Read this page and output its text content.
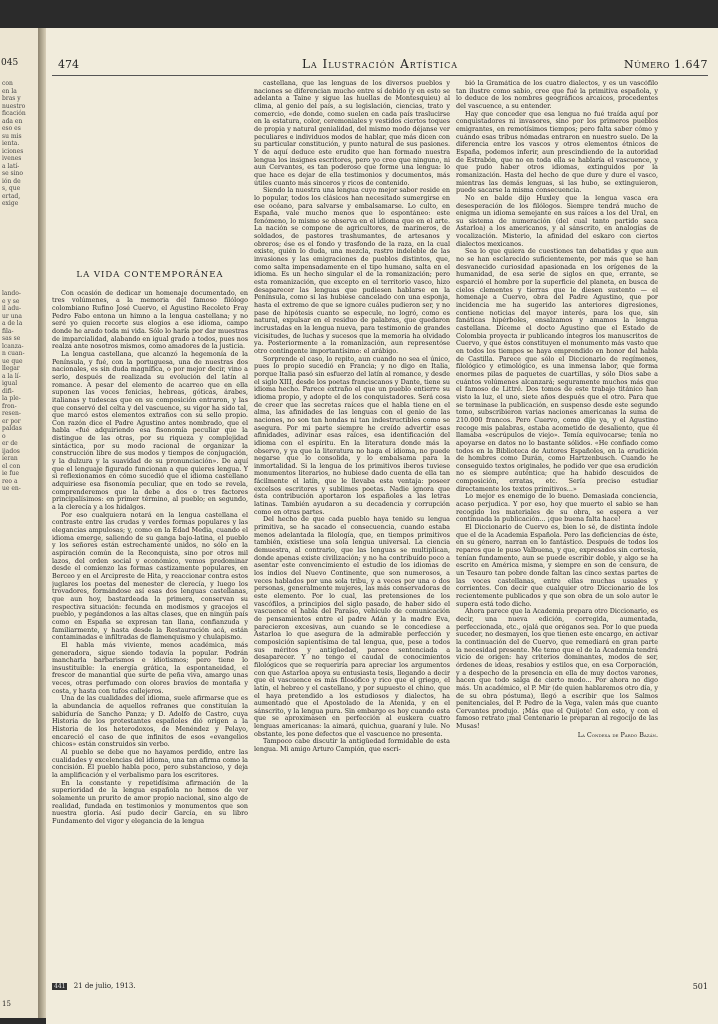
045
con
en la
bras y
nuestro
ficación
ada en
eso es
su mis
ienta.
iciones
ivenes
a latí-
se sino
ión de
s, que
ertad,
exige
lando-
e y se
il adu-
ur una
a de la
fila-
sas se
lcanza-
n cuan-
ue que
llegar
a la lí-
igual
difi-
la ple-
fron-
resen-
er por
paldas
o
er de
ijados
ieran
el con
ie fue
reo a
ue en-
15
474	La Ilustración Artística	Número 1.647
LA VIDA CONTEMPORÁNEA

Con ocasión de dedicar un homenaje documentado, en tres volúmenes, a la memoria del famoso filólogo colombiano Rufino José Cuervo, el Agustino Recoleto Fray Pedro Fabo entona un himno a la lengua castellana; y no seré yo quien recorte sus elogios a ese idioma, campo donde he arado toda mi vida. Sólo lo haría por dar muestras de imparcialidad, alabando en igual grado a todos, pues nos realza ante nosotros mismos, como amadores de la justicia.

La lengua castellana, que alcanzó la hegemonía de la Península, y fué, con la portuguesa, una de nuestras dos nacionales, es sin duda magnífica, o por mejor decir, vino a serlo, después de realizada su evolución del latín al romance. A pesar del elemento de acarreo que en ella suponen las voces fenicias, hebreas, góticas, árabes, italianas y tudescas que en su composición entraron, y las que conservó del celta y del vascuence, su vigor ha sido tal, que marcó estos elementos extraños con su sello propio. Con razón dice el Padre Agustino antes nombrado, que el habla «fué adquiriendo esa fisonomía peculiar que la distingue de las otras, por su riqueza y complejidad sintáctica, por su modo racional de organizar la construcción libre de sus modos y tiempos de conjugación, y la dulzura y la suavidad de su pronunciación». De aquí que el lenguaje figurado funcionan a que quieres lengua. Y si reflexionamos en cómo sucedió que el idioma castellano adquiriese esa fisonomía peculiar, que en todo se revela, comprenderemos que la debe a dos o tres factores principalísimos: en primer término, al pueblo; en segundo, a la clerecía y a los hidalgos.

Por eso cualquiera notará en la lengua castellana el contraste entre las crudas y verdes formas populares y las elegancias ampulosas; y, como en la Edad Media, cuando el idioma emerge, saliendo de su ganga bajo-latina, el pueblo y los señores están estrechamente unidos, no sólo en la aspiración común de la Reconquista, sino por otros mil lazos, del orden social y económico, vemos predominar desde el comienzo las formas castizamente populares, en Berceo y en el Arcipreste de Hita, y reaccionar contra estos juglares los poetas del menester de clerecía, y luego los trovadores, formándose así esas dos lenguas castellanas, que aun hoy, bastardeada la primera, conservan su respectiva situación: fecunda en modismos y gracejos el pueblo, y pegándonos a las altas clases, que en ningún país como en España se expresan tan llana, confianzuda y familiarmente, y hasta desde la Restauración acá, están contaminadas e infiltradas de flamenquismo y chulapismo.

El habla más viviente, menos académica, más generadora, sigue siendo todavía la popular. Podrán mancharla barbarismos e idiotismos; pero tiene lo insustituible: la energía grática, la espontaneidad, el frescor de manantial que surte de peña viva, amargo unas veces, otras perfumado con olores bravíos de montaña y costa, y hasta con tufos callejeros.

Una de las cualidades del idioma, suele afirmarse que es la abundancia de aquellos refranes que constituían la sabiduría de Sancho Panza; y D. Adolfo de Castro, cuya Historia de los protestantes españoles dió origen a la Historia de los heterodoxos, de Menéndez y Pelayo, encareció el caso de que infinitos de esos «evangelios chicos» están construidos sin verbo.

Al pueblo se debe que no hayamos perdido, entre las cualidades y excelencias del idioma, una tan afirma como la concisión. El pueblo habla poco, pero substancioso, y deja la amplificación y el verbalismo para los escritores.

En la constante y repetidísima afirmación de la superioridad de la lengua española no hemos de ver solamente un prurito de amor propio nacional, sino algo de realidad, fundada en testimonios y monumentos que son nuestra gloria. Así pudo decir García, en su libro Fundamento del vigor y elegancia de la lengua

castellana, que las lenguas de los diversos pueblos y naciones se diferencian mucho entre sí debido (y en esto se adelanta a Taine y sigue las huellas de Montesquieu) al clima, al genio del país, a su legislación, ciencias, trato y comercio, «de donde, como suelen en cada país traslucirse en la estatura, color, ceremoniales y vestidos ciertos toques de propia y natural genialidad, del mismo modo déjanse ver peculiares e individuos modos de hablar, que más dicen con su particular constitución, y punto natural de sus pasiones. Y de aquí deduce este erudito que han formado nuestra lengua los insignes escritores, pero yo creo que ninguno, ni aun Cervantes, es tan poderoso que forme una lengua: lo que hace es dejar de ella testimonios y documentos, más útiles cuanto más sinceros y ricos de contenido.

Siendo la nuestra una lengua cuyo mejor sabor reside en lo popular, todos los clásicos han necesitado sumergirse en ese océano, para salvarse y embalsamarse. Lo culto, en España, vale mucho menos que lo espontáneo: este fenómeno, lo mismo se observa en el idioma que en el arte. La nación se compone de agricultores, de marineros, de soldados, de pastores trashumantes, de artesanos y obreros; ése es el fondo y trasfondo de la raza, en la cual existe, quién lo duda, una mezcla, rastro indeleble de las invasiones y las emigraciones de pueblos distintos, que, como salta impensadamente en el tipo humano, salta en el idioma. Es un hecho singular el de la romanización; pero esta romanización, que excepto en el territorio vasco, hizo desaparecer las lenguas que pudiesen hablarse en la Península, como si las hubiese cancelado con una esponja, hasta el extremo de que se ignore cuáles pudieron ser, y no pase de hipótesis cuanto se especule, no logró, como es natural, expulsar en el residuo de palabras, que quedaron incrustadas en la lengua nueva, para testimonio de grandes vicisitudes, de luchas y sucesos que la memoria ha olvidado ya. Posteriormente a la romanización, aun representóse otro contingente importantísimo: el arábigo.

Sorprende el caso, lo repito, aun cuando no sea el único, pues lo propio sucedió en Francia; y no digo en Italia, porque Italia pasó sin esfuerzo del latín al romance, y desde el siglo XIII, desde los poetas franciscanos y Dante, tiene su idioma hecho. Parece extraño el que un pueblo entierre su idioma propio, y adopte el de los conquistadores. Será cosa de creer que las secretas raíces que el habla tiene en el alma, las afinidades de las lenguas con el genio de las naciones, no son tan hondas ni tan indestructibles como se asegura. Por mi parte siempre he creído advertir esas afinidades, adivinar esas raíces, esa identificación del idioma con el espíritu. En la literatura donde más la observo, y ya que la literatura no haga el idioma, no puede negarse que lo consolida, y lo embalsama para la inmortalidad. Si la lengua de los primitivos iberos tuviese monumentos literarios, no hubiese dado cuenta de ella tan fácilmente el latín, que le llevaba esta ventaja: poseer excelsos escritores y sublimes poetas. Nadie ignora que ésta contribución aportaron los españoles a las letras latinas. También ayudaron a su decadencia y corrupción como en otras partes.

Del hecho de que cada pueblo haya tenido su lengua primitiva, se ha sacado el consecuencia, cuando estaba menos adelantada la filología, que, en tiempos primitivos también, existiese una sola lengua universal. La ciencia demuestra, al contrario, que las lenguas se multiplican, donde apenas existe civilización; y no ha contribuído poco a asentar este convencimiento el estudio de los idiomas de los indios del Nuevo Continente, que son numerosos, a veces hablados por una sola tribu, y a veces por una o dos personas, generalmente mujeres, las más conservadoras de este elemento. Por lo cual, las pretensiones de los vascófilos, a principios del siglo pasado, de haber sido el vascuence el habla del Paraíso, vehículo de comunicación de pensamientos entre el padre Adán y la madre Eva, parecieron excesivas, aun cuando se le concediese a Astarloa lo que asegura de la admirable perfección y composición sapientísima de tal lengua, que, pese a todos sus méritos y antigüedad, parece sentenciada a desaparecer. Y no tengo el caudal de conocimientos filológicos que se requeriría para apreciar los argumentos con que Astarloa apoya su entusiasta tesis, llegando a decir que el vascuence es más filosófico y rico que el griego, el latín, el hebreo y el castellano, y por supuesto el chino, que el haya pretendido a los estudiosos y dialectos, ha aumentado que el Apostolado de la Atenida, y en el sánscrito, y la lengua pura. Sin embargo es hoy cuando esta que se aproximasen en perfección al euskera cuatro lenguas americanas: la aimará, quichua, guaraní y lule. No obstante, les pone defectos que el vascuence no presenta.

Tampoco cabe discutir la antigüedad formidable de esta lengua. Mi amigo Arturo Campión, que escri-

bió la Gramática de los cuatro dialectos, y es un vascófilo tan ilustre como sabio, cree que fué la primitiva española, y lo deduce de los nombres geográficos arcaicos, procedentes del vascuence, a su entender.

Hay que conceder que esa lengua no fué traída aquí por conquistadores ni invasores, sino por los primeros pueblos emigrantes, en remotísimos tiempos; pero falta saber cómo y cuándo esas tribus nómadas entraron en nuestro suelo. De la diferencia entre los vascos y otros elementos étnicos de España, podemos inferir, aun prescindiendo de la autoridad de Estrabón, que no en toda ella se hablaría el vascuence, y que pudo haber otros idiomas, extinguidos por la romanización. Hasta del hecho de que dure y dure el vasco, mientras las demás lenguas, si las hubo, se extinguieron, puede sacarse la misma consecuencia.

No en balde dijo Huxley que la lengua vasca era desesperación de los filólogos. Siempre tendrá mucho de enigma un idioma semejante en sus raíces a los del Ural, en su sistema de numeración (del cual tanto partido saca Astarloa) a los americanos, y al sánscrito, en analogías de vocalización. Misterio, la afinidad del eskaro con ciertos dialectos mexicanos.

Sea lo que quiera de cuestiones tan debatidas y que aun no se han esclarecido suficientemente, por más que se han desvanecido curiosidad apasionada en los orígenes de la humanidad, de esa serie de siglos en que, errante, se esparció el hombre por la superficie del planeta, en busca de cielos clementes y tierras que le diesen sustento — el homenaje a Cuervo, obra del Padre Agustino, que por incidencia me ha sugerido las anteriores digresiones, contiene noticias del mayor interés, para los que, sin fanáticas hipérboles, ensalzamos y amamos la lengua castellana. Díceme el docto Agustino que el Estado de Colombia proyecta ir publicando íntegros los manuscritos de Cuervo, y que éstos constituyen el monumento más vasto que en todos los tiempos se haya emprendido en honor del habla de Castilla. Parece que sólo el Diccionario de regímenes, filológico y etimológico, es una inmensa labor, que forma enormes pilas de paquetes de cuartillas, y sólo Dios sabe a cuántos volúmenes alcanzará; seguramente muchos más que el famoso de Littré. Dos tomos de este trabajo titánico han visto la luz, el uno, siete años después que el otro. Para que se terminase la publicación, en suspenso desde este segundo tomo, subscribieron varias naciones americanas la suma de 210.000 francos. Pero Cuervo, como dije ya, y el Agustino recoge mis palabras, estaba acometido de desaliento, que él llamaba «escrúpulos de viejo». Temía equivocarse; tenía no apoyarse en datos no lo bastante sólidos. «He confiado como todos en la Biblioteca de Autores Españoles, en la erudición de hombres como Durán, como Hartzenbusch. Cuando he conseguido textos originales, he podido ver que esa erudición no es siempre auténtica; que ha habido descuidos de composición, erratas, etc. Sería preciso estudiar directamente los textos primitivos...»

Lo mejor es enemigo de lo bueno. Demasiada conciencia, acaso perjudica. Y por eso, hoy que muerto el sabio se han recogido los materiales de su obra, se espera a ver continuada la publicación... ¡que buena falta hace!

El Diccionario de Cuervo es, bien lo sé, de distinta índole que el de la Academia Española. Pero las deficiencias de éste, en su género, narran en lo fantástico. Después de todos los reparos que le puso Valbuena, y que, expresados sin cortesía, tenían fundamento, aun se puede escribir doble, y algo se ha escrito en América misma, y siempre en son de censura, de un Tesauro tan pobre donde faltan las cinco sextas partes de las voces castellanas, entre ellas muchas usuales y corrientes. Con decir que cualquier otro Diccionario de los recientemente publicados y que son obra de un solo autor le supera está todo dicho.

Ahora parece que la Academia prepara otro Diccionario, es decir, una nueva edición, corregida, aumentada, perfeccionada, etc., ojalá que oréganos sea. Por lo que pueda suceder, no desmayen, los que tienen este encargo, en activar la continuación del de Cuervo, que remediará en gran parte la necesidad presente. Me temo que el de la Academia tendrá vicio de origen: hay criterios dominantes, modos de ser, órdenes de ideas, resabios y estilos que, en esa Corporación, y a despecho de la presencia en ella de muy doctos varones, hacen que todo salga de cierto modo... Por ahora no digo más. Un académico, el P. Mir (de quien hablaremos otro día, y de su obra póstuma), llegó a escribir que los Salmos penitenciales, del P. Pedro de la Vega, valen más que cuanto Cervantes produjo. ¡Más que el Quijote! Con esto, y con el famoso retrato ¡mal Centenario le preparan al regocijo de las Musas!

La Condesa de Pardo Bazán.
441 21 de julio, 1913.	501
